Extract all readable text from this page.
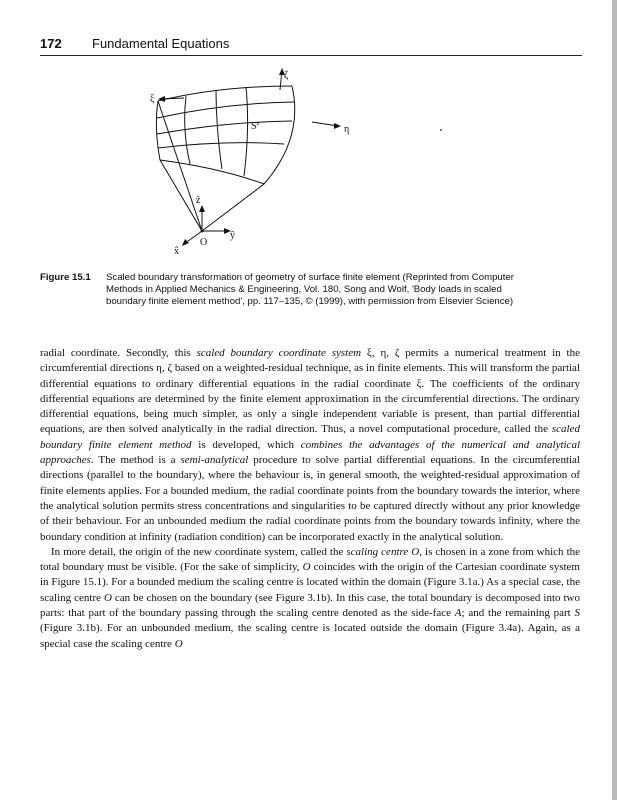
172 Fundamental Equations
ζ
ξ
η
$S^e$
O
ẑ
ŷ
x̂
Figure 15.1 Scaled boundary transformation of geometry of surface finite element (Reprinted from Computer Methods in Applied Mechanics & Engineering, Vol. 180, Song and Wolf, 'Body loads in scaled boundary finite element method', pp. 117–135, © (1999), with permission from Elsevier Science)

radial coordinate. Secondly, this scaled boundary coordinate system ξ, η, ζ permits a numerical treatment in the circumferential directions η, ζ based on a weighted-residual technique, as in finite elements. This will transform the partial differential equations to ordinary differential equations in the radial coordinate ξ. The coefficients of the ordinary differential equations are determined by the finite element approximation in the circumferential directions. The ordinary differential equations, being much simpler, as only a single independent variable is present, than partial differential equations, are then solved analytically in the radial direction. Thus, a novel computational procedure, called the scaled boundary finite element method is developed, which combines the advantages of the numerical and analytical approaches. The method is a semi-analytical procedure to solve partial differential equations. In the circumferential directions (parallel to the boundary), where the behaviour is, in general smooth, the weighted-residual approximation of finite elements applies. For a bounded medium, the radial coordinate points from the boundary towards the interior, where the analytical solution permits stress concentrations and singularities to be captured directly without any prior knowledge of their behaviour. For an unbounded medium the radial coordinate points from the boundary towards infinity, where the boundary condition at infinity (radiation condition) can be incorporated exactly in the analytical solution.

In more detail, the origin of the new coordinate system, called the scaling centre O, is chosen in a zone from which the total boundary must be visible. (For the sake of simplicity, O coincides with the origin of the Cartesian coordinate system in Figure 15.1). For a bounded medium the scaling centre is located within the domain (Figure 3.1a.) As a special case, the scaling centre O can be chosen on the boundary (see Figure 3.1b). In this case, the total boundary is decomposed into two parts: that part of the boundary passing through the scaling centre denoted as the side-face A; and the remaining part S (Figure 3.1b). For an unbounded medium, the scaling centre is located outside the domain (Figure 3.4a). Again, as a special case the scaling centre O
